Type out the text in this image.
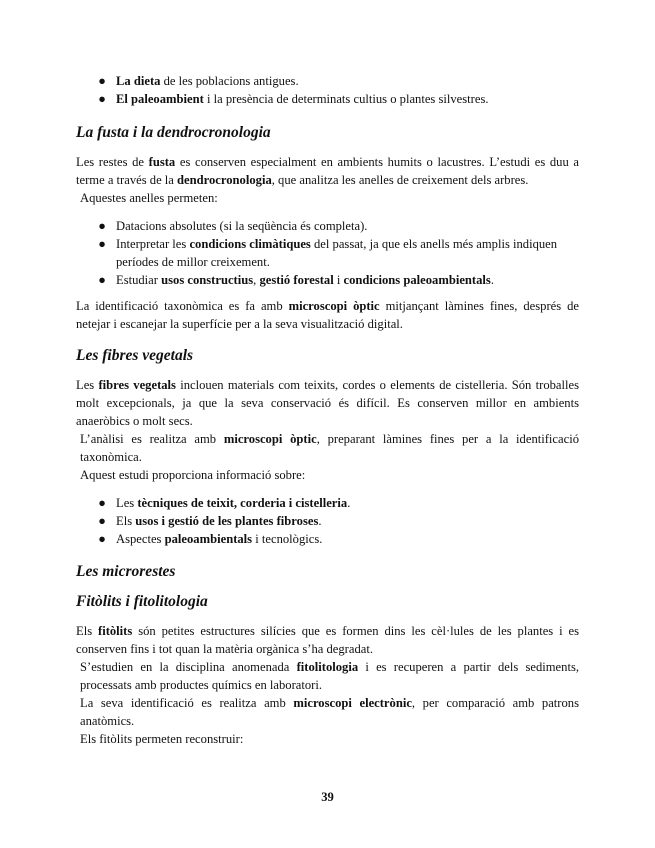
● La dieta de les poblacions antigues.
● El paleoambient i la presència de determinats cultius o plantes silvestres.
La fusta i la dendrocronologia

Les restes de fusta es conserven especialment en ambients humits o lacustres. L’estudi es duu a terme a través de la dendrocronologia, que analitza les anelles de creixement dels arbres.

Aquestes anelles permeten:

● Datacions absolutes (si la seqüència és completa).
● Interpretar les condicions climàtiques del passat, ja que els anells més amplis indiquen períodes de millor creixement.
● Estudiar usos constructius, gestió forestal i condicions paleoambientals.

La identificació taxonòmica es fa amb microscopi òptic mitjançant làmines fines, després de netejar i escanejar la superfície per a la seva visualització digital.

Les fibres vegetals

Les fibres vegetals inclouen materials com teixits, cordes o elements de cistelleria. Són troballes molt excepcionals, ja que la seva conservació és difícil. Es conserven millor en ambients anaeròbics o molt secs.

L’anàlisi es realitza amb microscopi òptic, preparant làmines fines per a la identificació taxonòmica.

Aquest estudi proporciona informació sobre:

● Les tècniques de teixit, corderia i cistelleria.
● Els usos i gestió de les plantes fibroses.
● Aspectes paleoambientals i tecnològics.
Les microrestes
Fitòlits i fitolitologia

Els fitòlits són petites estructures silícies que es formen dins les cèl·lules de les plantes i es conserven fins i tot quan la matèria orgànica s’ha degradat.

S’estudien en la disciplina anomenada fitolitologia i es recuperen a partir dels sediments, processats amb productes químics en laboratori.

La seva identificació es realitza amb microscopi electrònic, per comparació amb patrons anatòmics.

Els fitòlits permeten reconstruir:

39
